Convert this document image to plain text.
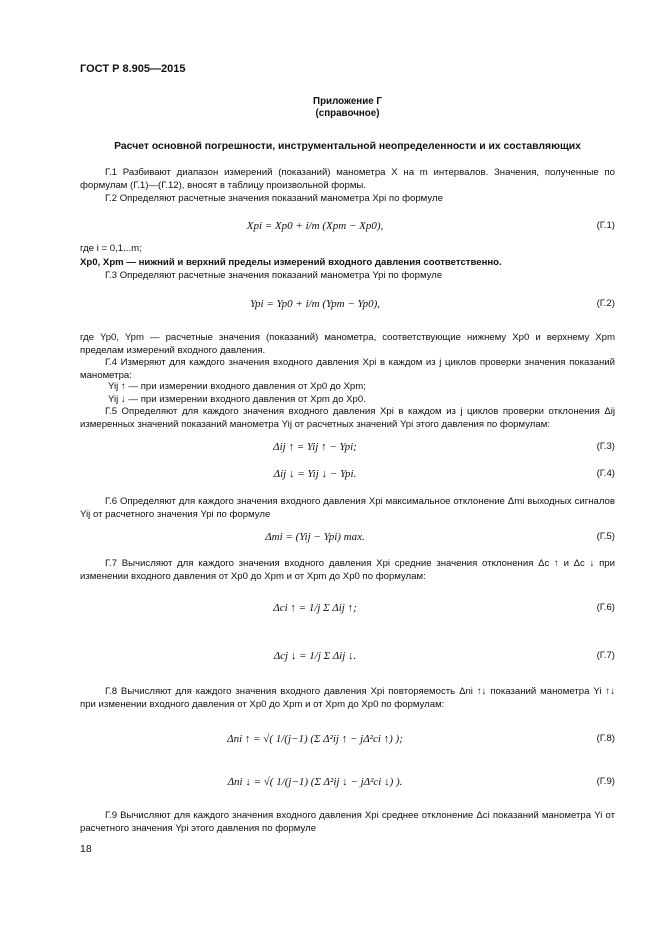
ГОСТ Р 8.905—2015
Приложение Г
(справочное)
Расчет основной погрешности, инструментальной неопределенности и их составляющих
Г.1 Разбивают диапазон измерений (показаний) манометра X на m интервалов. Значения, полученные по формулам (Г.1)—(Г.12), вносят в таблицу произвольной формы.
Г.2 Определяют расчетные значения показаний манометра Xpi по формуле
Xpi = Xp0 + i/m (Xpm − Xp0),	(Г.1)
где i = 0,1...m;
Xp0, Xpm — нижний и верхний пределы измерений входного давления соответственно.
Г.3 Определяют расчетные значения показаний манометра Ypi по формуле
Ypi = Yp0 + i/m (Ypm − Yp0),	(Г.2)
где Yp0, Ypm — расчетные значения (показаний) манометра, соответствующие нижнему Xp0 и верхнему Xpm пределам измерений входного давления.
Г.4 Измеряют для каждого значения входного давления Xpi в каждом из j циклов проверки значения показаний манометра:
Yij ↑ — при измерении входного давления от Xp0 до Xpm;
Yij ↓ — при измерении входного давления от Xpm до Xp0.
Г.5 Определяют для каждого значения входного давления Xpi в каждом из j циклов проверки отклонения Δij измеренных значений показаний манометра Yij от расчетных значений Ypi этого давления по формулам:
Δij ↑ = Yij ↑ − Ypi;	(Г.3)
Δij ↓ = Yij ↓ − Ypi.	(Г.4)
Г.6 Определяют для каждого значения входного давления Xpi максимальное отклонение Δmi выходных сигналов Yij от расчетного значения Ypi по формуле
Δmi = (Yij − Ypi) max.	(Г.5)
Г.7 Вычисляют для каждого значения входного давления Xpi средние значения отклонения Δc ↑ и Δc ↓ при изменении входного давления от Xp0 до Xpm и от Xpm до Xp0 по формулам:
Δci ↑ = 1/j Σ Δij ↑;	(Г.6)
Δcj ↓ = 1/j Σ Δij ↓.	(Г.7)
Г.8 Вычисляют для каждого значения входного давления Xpi повторяемость Δni ↑↓ показаний манометра Yi ↑↓ при изменении входного давления от Xp0 до Xpm и от Xpm до Xp0 по формулам:
Δni ↑ = √( 1/(j−1) (Σ Δ²ij ↑ − jΔ²ci ↑) );	(Г.8)
Δni ↓ = √( 1/(j−1) (Σ Δ²ij ↓ − jΔ²ci ↓) ).	(Г.9)
Г.9 Вычисляют для каждого значения входного давления Xpi среднее отклонение Δci показаний манометра Yi от расчетного значения Ypi этого давления по формуле
18
